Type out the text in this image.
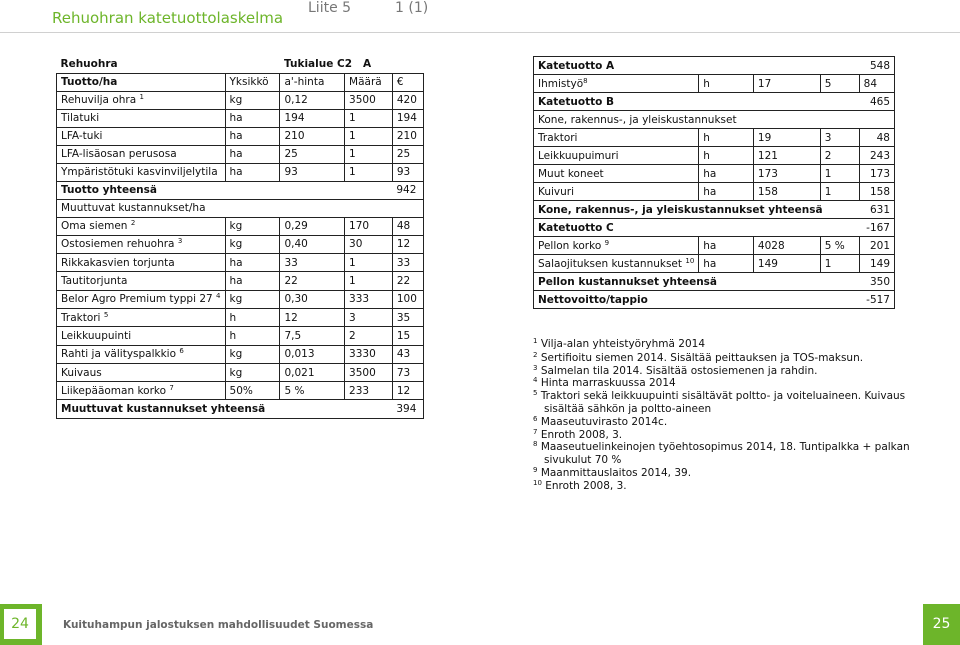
Rehuohran katetuottolaskelma
Liite 5	1 (1)
Rehuohra		Tukialue C2 A		
Tuotto/ha	Yksikkö	a'-hinta	Määrä	€
Rehuvilja ohra $^1$	kg	0,12	3500	420
Tilatuki	ha	194	1	194
LFA-tuki	ha	210	1	210
LFA-lisäosan perusosa	ha	25	1	25
Ympäristötuki kasvinviljelytila	ha	93	1	93
Tuotto yhteensä				942
Muuttuvat kustannukset/ha				
Oma siemen $^2$	kg	0,29	170	48
Ostosiemen rehuohra $^3$	kg	0,40	30	12
Rikkakasvien torjunta	ha	33	1	33
Tautitorjunta	ha	22	1	22
Belor Agro Premium typpi 27 $^4$	kg	0,30	333	100
Traktori $^5$	h	12	3	35
Leikkuupuinti	h	7,5	2	15
Rahti ja välityspalkkio $^6$	kg	0,013	3330	43
Kuivaus	kg	0,021	3500	73
Liikepääoman korko $^7$	50%	5 %	233	12
Muuttuvat kustannukset yhteensä				394
Katetuotto A				548
Ihmistyö$^8$	h	17	5	84
Katetuotto B				465
Kone, rakennus-, ja yleiskustannukset				
Traktori	h	19	3	48
Leikkuupuimuri	h	121	2	243
Muut koneet	ha	173	1	173
Kuivuri	ha	158	1	158
Kone, rakennus-, ja yleiskustannukset yhteensä				631
Katetuotto C				-167
Pellon korko $^9$	ha	4028	5 %	201
Salaojituksen kustannukset $^{10}$	ha	149	1	149
Pellon kustannukset yhteensä				350
Nettovoitto/tappio				-517
$^1$ Vilja-alan yhteistyöryhmä 2014
$^2$ Sertifioitu siemen 2014. Sisältää peittauksen ja TOS-maksun.
$^3$ Salmelan tila 2014. Sisältää ostosiemenen ja rahdin.
$^4$ Hinta marraskuussa 2014
$^5$ Traktori sekä leikkuupuinti sisältävät poltto- ja voiteluaineen. Kuivaus
sisältää sähkön ja poltto-aineen
$^6$ Maaseutuvirasto 2014c.
$^7$ Enroth 2008, 3.
$^8$ Maaseutuelinkeinojen työehtosopimus 2014, 18. Tuntipalkka + palkan
sivukulut 70 %
$^9$ Maanmittauslaitos 2014, 39.
$^{10}$ Enroth 2008, 3.
24	Kuituhampun jalostuksen mahdollisuudet Suomessa	25
